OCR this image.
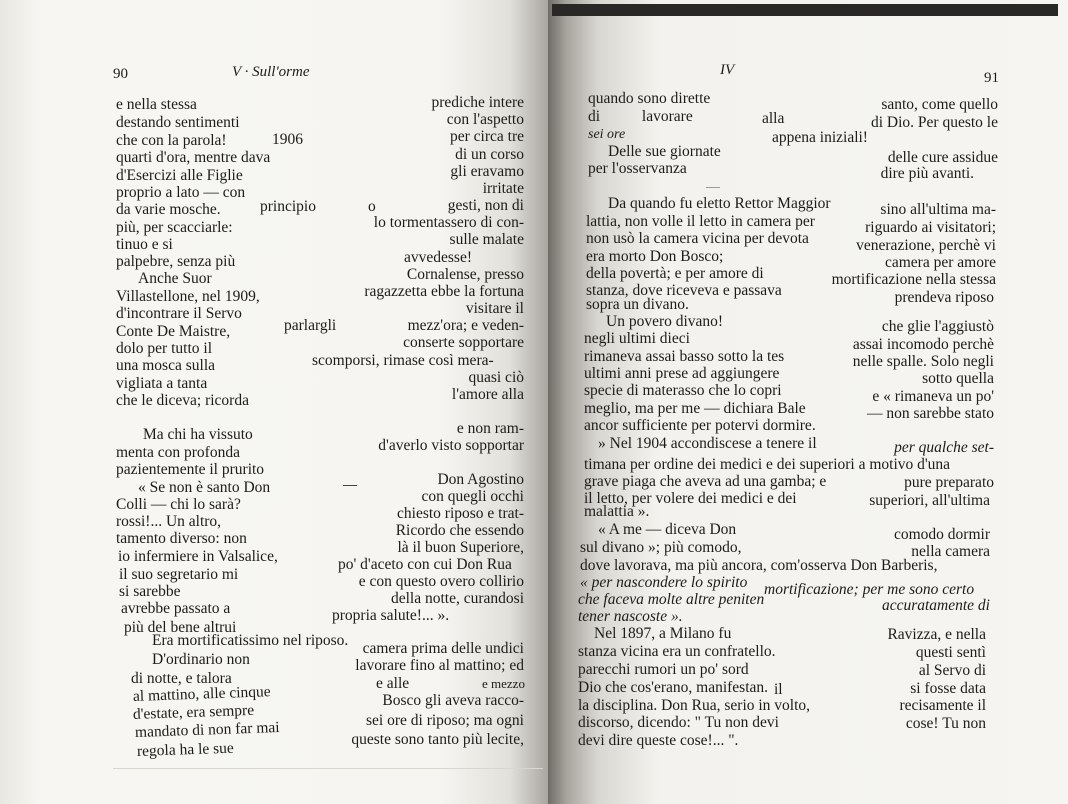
90	V · Sull'orme
e nella stessa
destando sentimenti
che con la parola!
quarti d'ora, mentre dava
d'Esercizi alle Figlie
proprio a lato — con
da varie mosche.
più, per scacciarle:
tinuo e si
palpebre, senza più
Anche Suor
Villastellone, nel 1909,
d'incontrare il Servo
Conte De Maistre,
dolo per tutto il
una mosca sulla
vigliata a tanta
che le diceva; ricorda
Ma chi ha vissuto
menta con profonda
pazientemente il prurito
« Se non è santo Don
Colli — chi lo sarà?
rossi!... Un altro,
tamento diverso: non
io infermiere in Valsalice,
il suo segretario mi
si sarebbe
avrebbe passato a
più del bene altrui
Era mortificatissimo nel riposo.
D'ordinario non
di notte, e talora
al mattino, alle cinque
d'estate, era sempre
mandato di non far mai
regola ha le sue
1906
principio	o
parlargli
scomporsi, rimase così mera-
po' d'aceto con cui Don Rua
prediche intere
con l'aspetto
per circa tre
di un corso
gli eravamo
irritate
gesti, non di
lo tormentassero di con-
sulle malate
avvedesse!
Cornalense, presso
ragazzetta ebbe la fortuna
visitare il
mezz'ora; e veden-
conserte sopportare
quasi ciò
l'amore alla
e non ram-
d'averlo visto sopportar
Don Agostino
con quegli occhi
chiesto riposo e trat-
Ricordo che essendo
là il buon Superiore,
e con questo overo collirio
della notte, curandosi
propria salute!... ».
camera prima delle undici
lavorare fino al mattino; ed
e alle	e mezzo
Bosco gli aveva racco-
sei ore di riposo; ma ogni
queste sono tanto più lecite,
IV	91
quando sono dirette
di lavorare
sei ore
Delle sue giornate
per l'osservanza
Da quando fu eletto Rettor Maggior
lattia, non volle il letto in camera per
non usò la camera vicina per devota
era morto Don Bosco;
della povertà; e per amore di
stanza, dove riceveva e passava
sopra un divano.
Un povero divano!
negli ultimi dieci
rimaneva assai basso sotto la tes
ultimi anni prese ad aggiungere
specie di materasso che lo copri
meglio, ma per me — dichiara Bale
ancor sufficiente per potervi dormire.
» Nel 1904 accondiscese a tenere il
timana per ordine dei medici e dei superiori a motivo d'una
grave piaga che aveva ad una gamba; e
il letto, per volere dei medici e dei
malattia ».
« A me — diceva Don
sul divano »; più comodo,
dove lavorava, ma più ancora, com'osserva Don Barberis,
« per nascondere lo spirito
che faceva molte altre peniten
tener nascoste ».
Nel 1897, a Milano fu
stanza vicina era un confratello.
parecchi rumori un po' sord
Dio che cos'erano, manifestan.
la disciplina. Don Rua, serio in volto,
discorso, dicendo: " Tu non devi
devi dire queste cose!... ".
alla
appena iniziali!
il
mortificazione; per me sono certo
santo, come quello
di Dio. Per questo le
delle cure assidue
dire più avanti.
sino all'ultima ma-
riguardo ai visitatori;
venerazione, perchè vi
camera per amore
mortificazione nella stessa
prendeva riposo
che glie l'aggiustò
assai incomodo perchè
nelle spalle. Solo negli
sotto quella
e « rimaneva un po'
— non sarebbe stato
per qualche set-
pure preparato
superiori, all'ultima
comodo dormir
nella camera
accuratamente di
Ravizza, e nella
questi sentì
al Servo di
si fosse data
recisamente il
cose! Tu non
